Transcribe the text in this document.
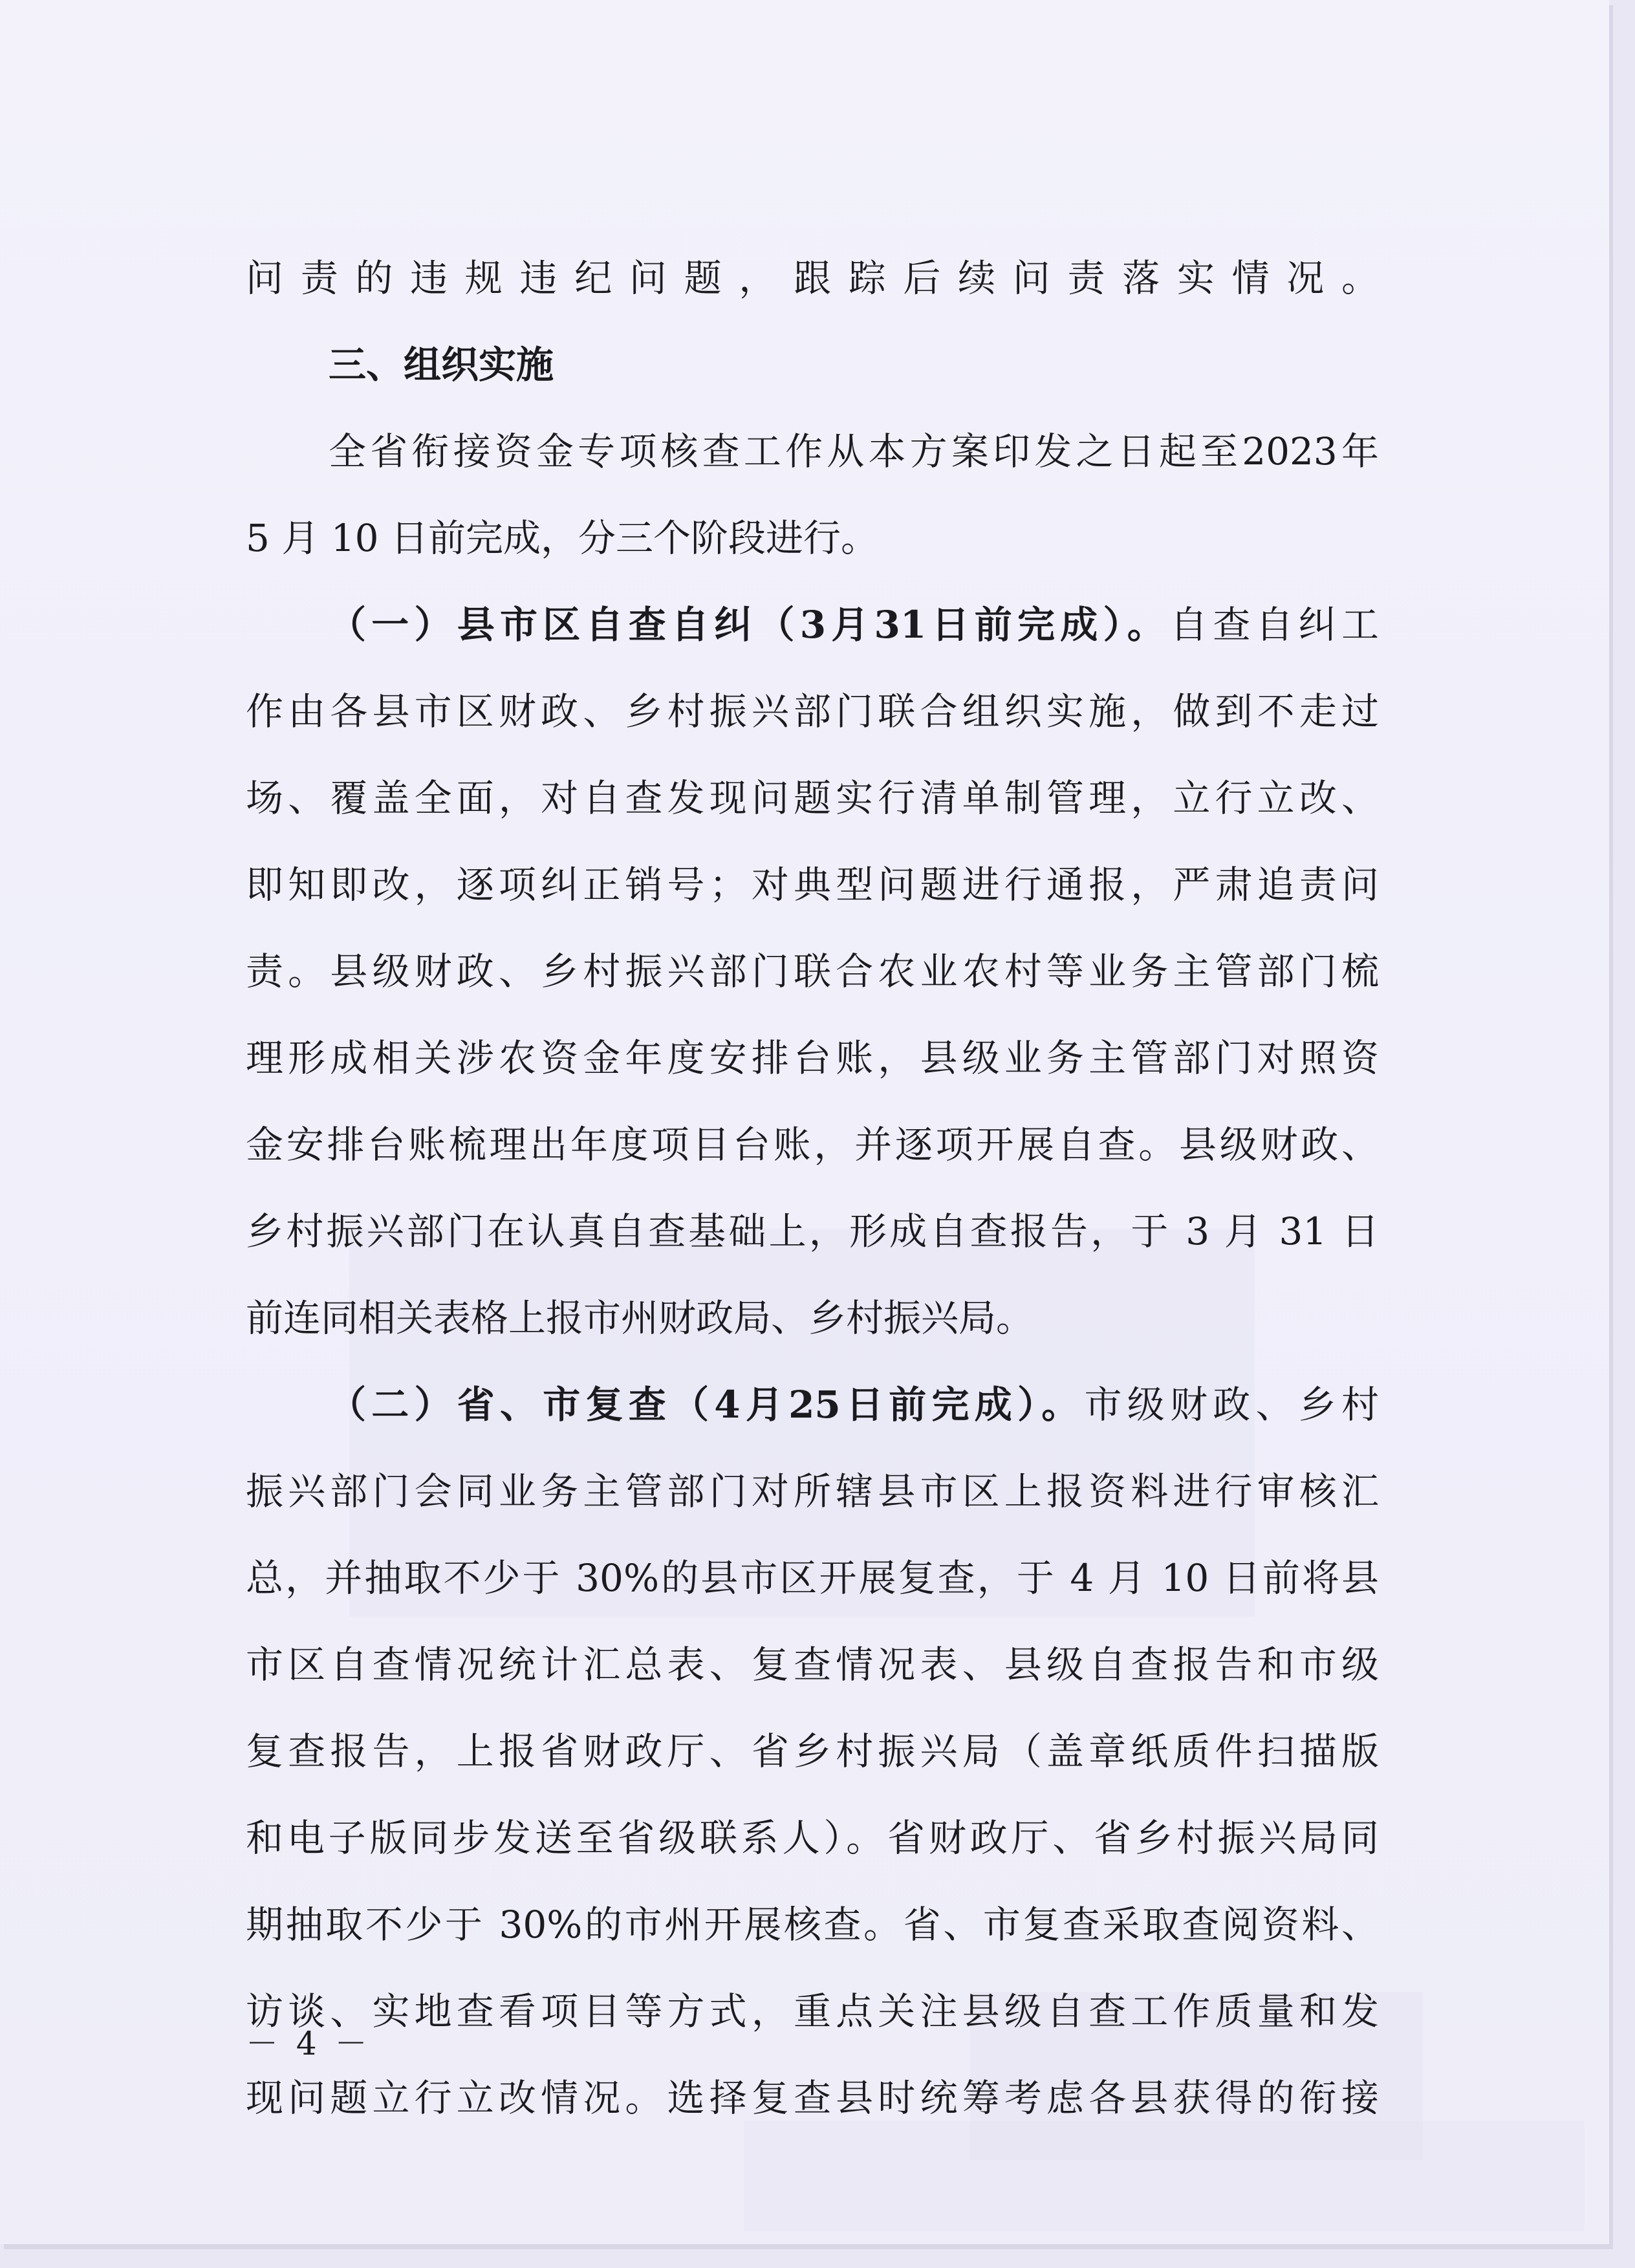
问责的违规违纪问题，跟踪后续问责落实情况。
三、组织实施
全省衔接资金专项核查工作从本方案印发之日起至2023年
5 月 10 日前完成，分三个阶段进行。
（一）县市区自查自纠（3月31日前完成）。自查自纠工
作由各县市区财政、乡村振兴部门联合组织实施，做到不走过
场、覆盖全面，对自查发现问题实行清单制管理，立行立改、
即知即改，逐项纠正销号；对典型问题进行通报，严肃追责问
责。县级财政、乡村振兴部门联合农业农村等业务主管部门梳
理形成相关涉农资金年度安排台账，县级业务主管部门对照资
金安排台账梳理出年度项目台账，并逐项开展自查。县级财政、
乡村振兴部门在认真自查基础上，形成自查报告，于 3 月 31 日
前连同相关表格上报市州财政局、乡村振兴局。
（二）省、市复查（4月25日前完成）。市级财政、乡村
振兴部门会同业务主管部门对所辖县市区上报资料进行审核汇
总，并抽取不少于 30%的县市区开展复查，于 4 月 10 日前将县
市区自查情况统计汇总表、复查情况表、县级自查报告和市级
复查报告，上报省财政厅、省乡村振兴局（盖章纸质件扫描版
和电子版同步发送至省级联系人）。省财政厅、省乡村振兴局同
期抽取不少于 30%的市州开展核查。省、市复查采取查阅资料、
访谈、实地查看项目等方式，重点关注县级自查工作质量和发
现问题立行立改情况。选择复查县时统筹考虑各县获得的衔接
－ 4 －
